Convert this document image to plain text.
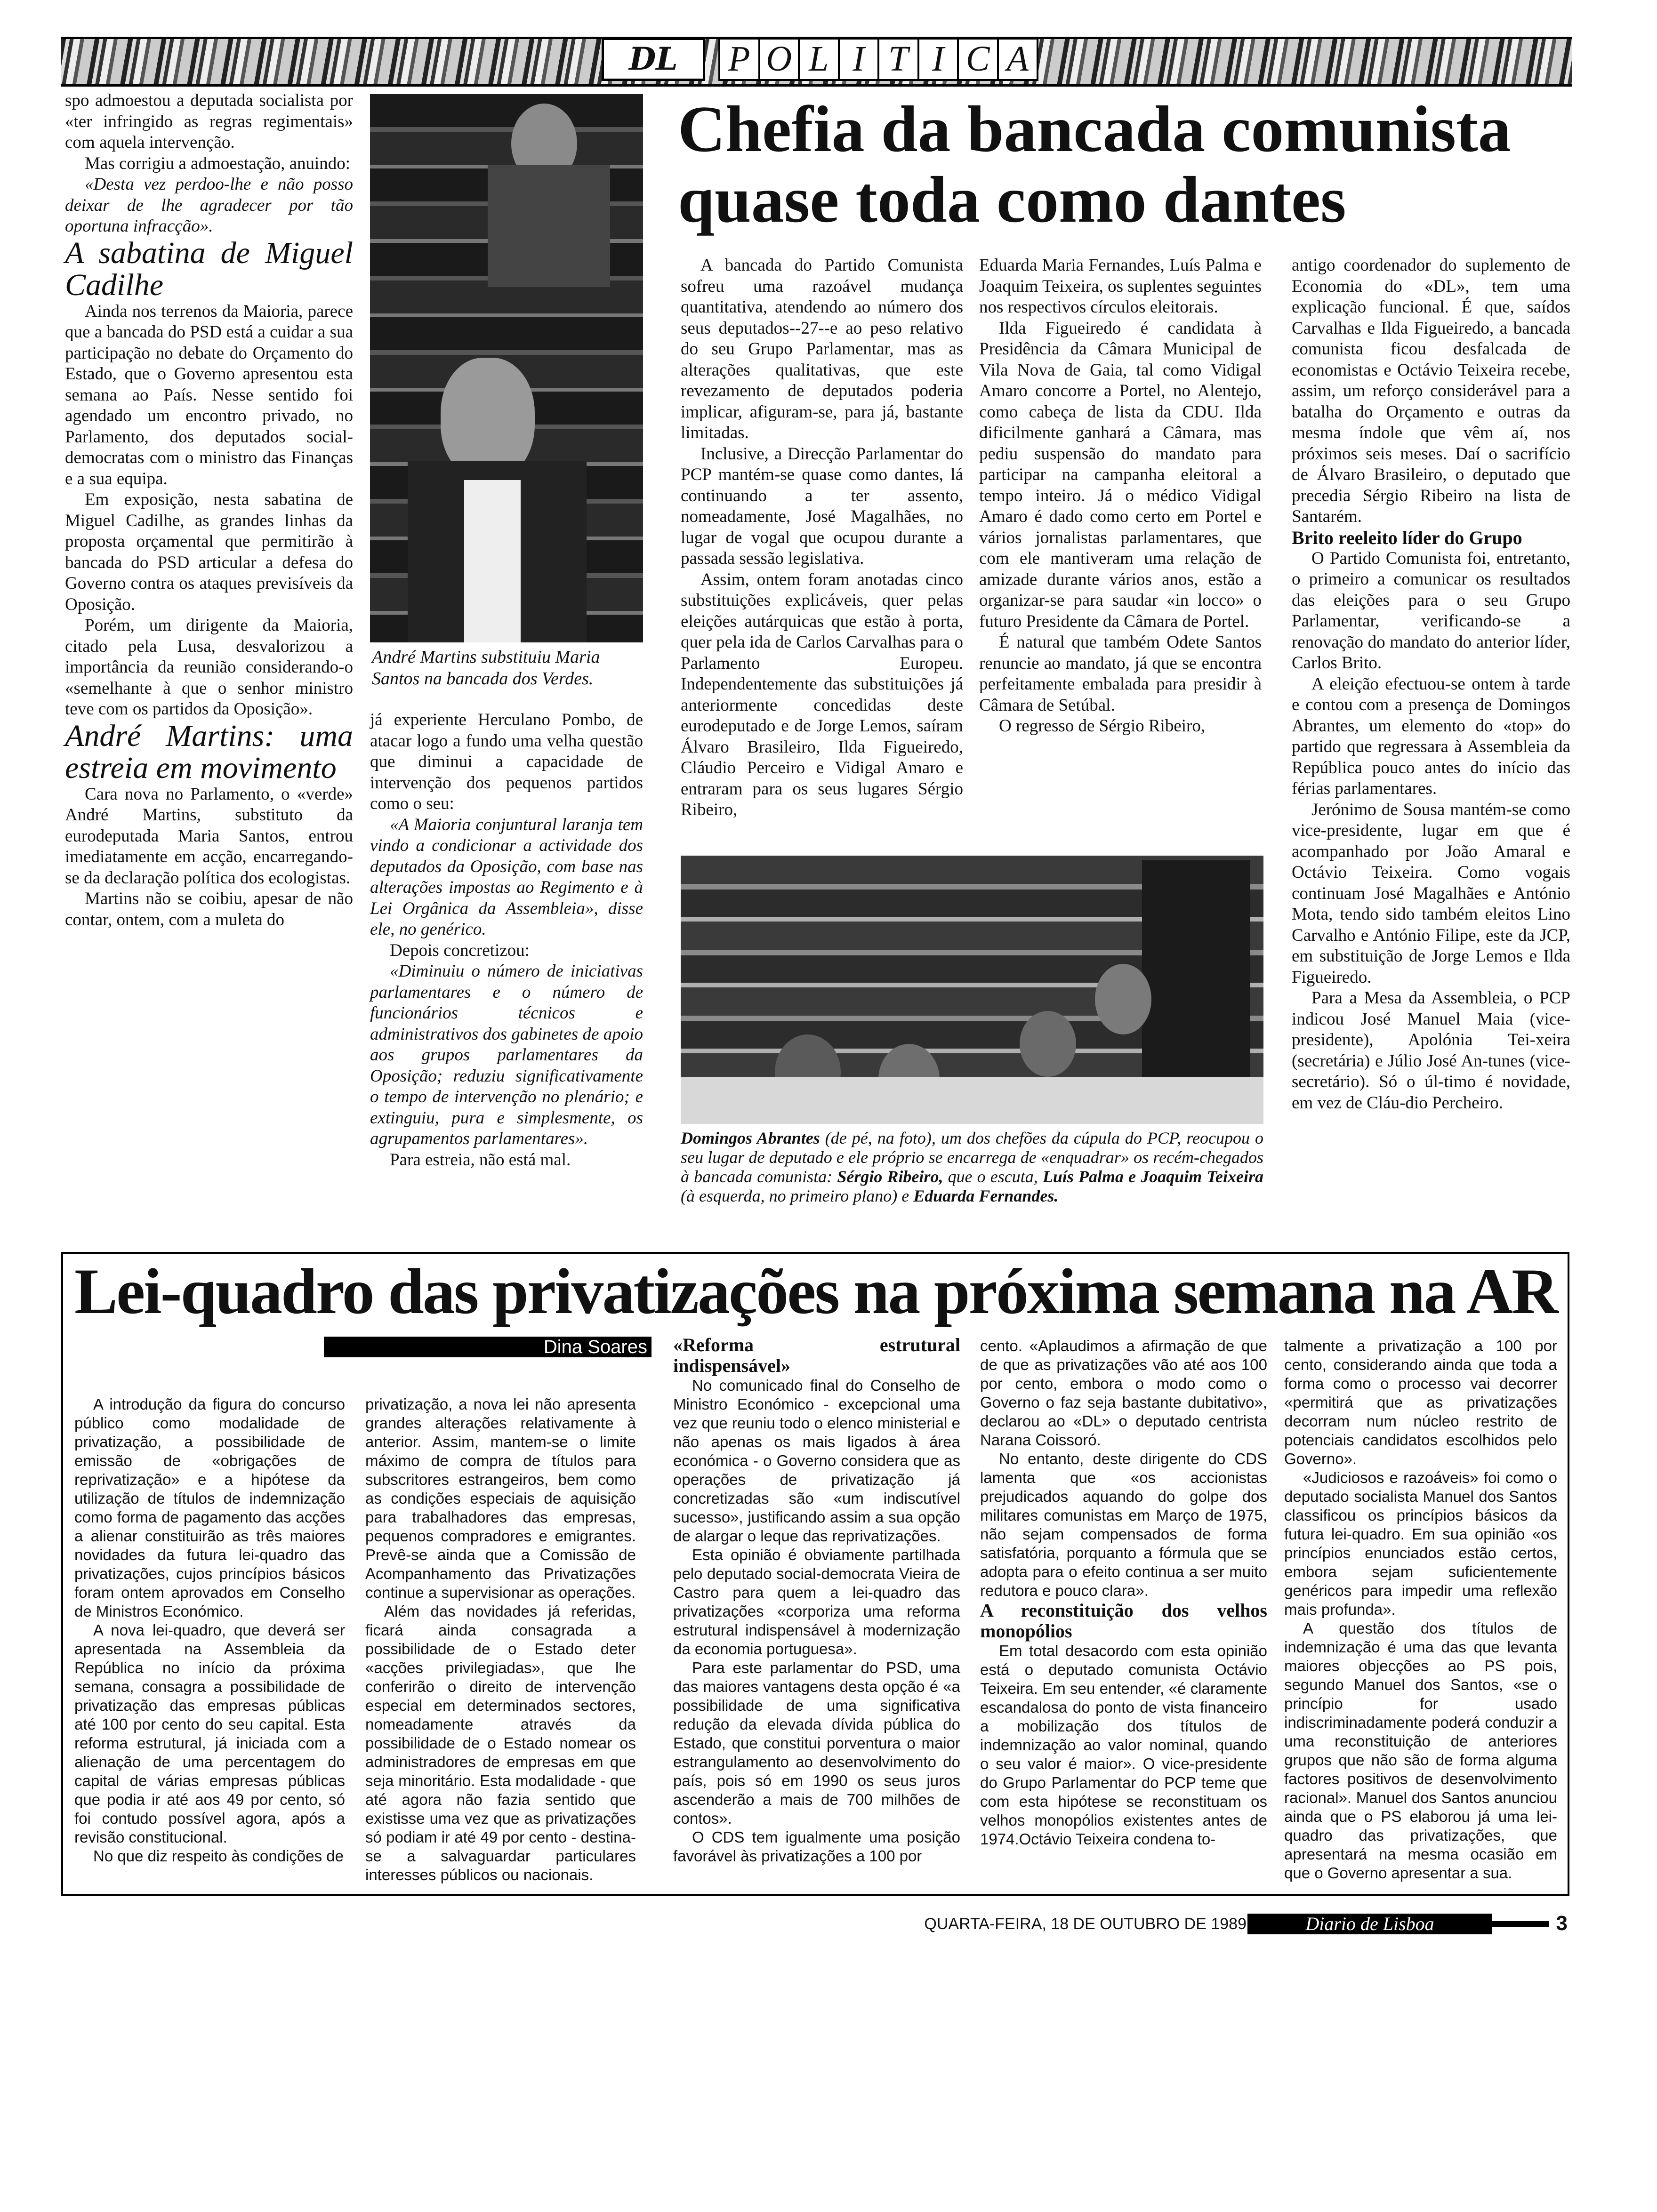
DL	P O L I T I C A

spo admoestou a deputada socialista por «ter infringido as regras regimentais» com aquela intervenção.

Mas corrigiu a admoestação, anuindo:

«Desta vez perdoo-lhe e não posso deixar de lhe agradecer por tão oportuna infracção».

A sabatina de Miguel Cadilhe

Ainda nos terrenos da Maioria, parece que a bancada do PSD está a cuidar a sua participação no debate do Orçamento do Estado, que o Governo apresentou esta semana ao País. Nesse sentido foi agendado um encontro privado, no Parlamento, dos deputados social-democratas com o ministro das Finanças e a sua equipa.

Em exposição, nesta sabatina de Miguel Cadilhe, as grandes linhas da proposta orçamental que permitirão à bancada do PSD articular a defesa do Governo contra os ataques previsíveis da Oposição.

Porém, um dirigente da Maioria, citado pela Lusa, desvalorizou a importância da reunião considerando-o «semelhante à que o senhor ministro teve com os partidos da Oposição».

André Martins: uma estreia em movimento

Cara nova no Parlamento, o «verde» André Martins, substituto da eurodeputada Maria Santos, entrou imediatamente em acção, encarregando-se da declaração política dos ecologistas.

Martins não se coibiu, apesar de não contar, ontem, com a muleta do

André Martins substituiu Maria Santos na bancada dos Verdes.

já experiente Herculano Pombo, de atacar logo a fundo uma velha questão que diminui a capacidade de intervenção dos pequenos partidos como o seu:

«A Maioria conjuntural laranja tem vindo a condicionar a actividade dos deputados da Oposição, com base nas alterações impostas ao Regimento e à Lei Orgânica da Assembleia», disse ele, no genérico.

Depois concretizou:

«Diminuiu o número de iniciativas parlamentares e o número de funcionários técnicos e administrativos dos gabinetes de apoio aos grupos parlamentares da Oposição; reduziu significativamente o tempo de intervenção no plenário; e extinguiu, pura e simplesmente, os agrupamentos parlamentares».

Para estreia, não está mal.

Chefia da bancada comunista
quase toda como dantes

A bancada do Partido Comunista sofreu uma razoável mudança quantitativa, atendendo ao número dos seus deputados--27--e ao peso relativo do seu Grupo Parlamentar, mas as alterações qualitativas, que este revezamento de deputados poderia implicar, afiguram-se, para já, bastante limitadas.

Inclusive, a Direcção Parlamentar do PCP mantém-se quase como dantes, lá continuando a ter assento, nomeadamente, José Magalhães, no lugar de vogal que ocupou durante a passada sessão legislativa.

Assim, ontem foram anotadas cinco substituições explicáveis, quer pelas eleições autárquicas que estão à porta, quer pela ida de Carlos Carvalhas para o Parlamento Europeu. Independentemente das substituições já anteriormente concedidas deste eurodeputado e de Jorge Lemos, saíram Álvaro Brasileiro, Ilda Figueiredo, Cláudio Perceiro e Vidigal Amaro e entraram para os seus lugares Sérgio Ribeiro,

Eduarda Maria Fernandes, Luís Palma e Joaquim Teixeira, os suplentes seguintes nos respectivos círculos eleitorais.

Ilda Figueiredo é candidata à Presidência da Câmara Municipal de Vila Nova de Gaia, tal como Vidigal Amaro concorre a Portel, no Alentejo, como cabeça de lista da CDU. Ilda dificilmente ganhará a Câmara, mas pediu suspensão do mandato para participar na campanha eleitoral a tempo inteiro. Já o médico Vidigal Amaro é dado como certo em Portel e vários jornalistas parlamentares, que com ele mantiveram uma relação de amizade durante vários anos, estão a organizar-se para saudar «in locco» o futuro Presidente da Câmara de Portel.

É natural que também Odete Santos renuncie ao mandato, já que se encontra perfeitamente embalada para presidir à Câmara de Setúbal.

O regresso de Sérgio Ribeiro,

antigo coordenador do suplemento de Economia do «DL», tem uma explicação funcional. É que, saídos Carvalhas e Ilda Figueiredo, a bancada comunista ficou desfalcada de economistas e Octávio Teixeira recebe, assim, um reforço considerável para a batalha do Orçamento e outras da mesma índole que vêm aí, nos próximos seis meses. Daí o sacrifício de Álvaro Brasileiro, o deputado que precedia Sérgio Ribeiro na lista de Santarém.

Brito reeleito líder do Grupo

O Partido Comunista foi, entretanto, o primeiro a comunicar os resultados das eleições para o seu Grupo Parlamentar, verificando-se a renovação do mandato do anterior líder, Carlos Brito.

A eleição efectuou-se ontem à tarde e contou com a presença de Domingos Abrantes, um elemento do «top» do partido que regressara à Assembleia da República pouco antes do início das férias parlamentares.

Jerónimo de Sousa mantém-se como vice-presidente, lugar em que é acompanhado por João Amaral e Octávio Teixeira. Como vogais continuam José Magalhães e António Mota, tendo sido também eleitos Lino Carvalho e António Filipe, este da JCP, em substituição de Jorge Lemos e Ilda Figueiredo.

Para a Mesa da Assembleia, o PCP indicou José Manuel Maia (vice-presidente), Apolónia Tei-xeira (secretária) e Júlio José An-tunes (vice-secretário). Só o úl-timo é novidade, em vez de Cláu-dio Percheiro.

Domingos Abrantes (de pé, na foto), um dos chefões da cúpula do PCP, reocupou o seu lugar de deputado e ele próprio se encarrega de «enquadrar» os recém-chegados à bancada comunista: Sérgio Ribeiro, que o escuta, Luís Palma e Joaquim Teixeira (à esquerda, no primeiro plano) e Eduarda Fernandes.
Lei-quadro das privatizações na próxima semana na AR
Dina Soares

A introdução da figura do concurso público como modalidade de privatização, a possibilidade de emissão de «obrigações de reprivatização» e a hipótese da utilização de títulos de indemnização como forma de pagamento das acções a alienar constituirão as três maiores novidades da futura lei-quadro das privatizações, cujos princípios básicos foram ontem aprovados em Conselho de Ministros Económico.

A nova lei-quadro, que deverá ser apresentada na Assembleia da República no início da próxima semana, consagra a possibilidade de privatização das empresas públicas até 100 por cento do seu capital. Esta reforma estrutural, já iniciada com a alienação de uma percentagem do capital de várias empresas públicas que podia ir até aos 49 por cento, só foi contudo possível agora, após a revisão constitucional.

No que diz respeito às condições de

privatização, a nova lei não apresenta grandes alterações relativamente à anterior. Assim, mantem-se o limite máximo de compra de títulos para subscritores estrangeiros, bem como as condições especiais de aquisição para trabalhadores das empresas, pequenos compradores e emigrantes. Prevê-se ainda que a Comissão de Acompanhamento das Privatizações continue a supervisionar as operações.

Além das novidades já referidas, ficará ainda consagrada a possibilidade de o Estado deter «acções privilegiadas», que lhe conferirão o direito de intervenção especial em determinados sectores, nomeadamente através da possibilidade de o Estado nomear os administradores de empresas em que seja minoritário. Esta modalidade - que até agora não fazia sentido que existisse uma vez que as privatizações só podiam ir até 49 por cento - destina-se a salvaguardar particulares interesses públicos ou nacionais.

«Reforma estrutural indispensável»

No comunicado final do Conselho de Ministro Económico - excepcional uma vez que reuniu todo o elenco ministerial e não apenas os mais ligados à área económica - o Governo considera que as operações de privatização já concretizadas são «um indiscutível sucesso», justificando assim a sua opção de alargar o leque das reprivatizações.

Esta opinião é obviamente partilhada pelo deputado social-democrata Vieira de Castro para quem a lei-quadro das privatizações «corporiza uma reforma estrutural indispensável à modernização da economia portuguesa».

Para este parlamentar do PSD, uma das maiores vantagens desta opção é «a possibilidade de uma significativa redução da elevada dívida pública do Estado, que constitui porventura o maior estrangulamento ao desenvolvimento do país, pois só em 1990 os seus juros ascenderão a mais de 700 milhões de contos».

O CDS tem igualmente uma posição favorável às privatizações a 100 por

cento. «Aplaudimos a afirmação de que de que as privatizações vão até aos 100 por cento, embora o modo como o Governo o faz seja bastante dubitativo», declarou ao «DL» o deputado centrista Narana Coissoró.

No entanto, deste dirigente do CDS lamenta que «os accionistas prejudicados aquando do golpe dos militares comunistas em Março de 1975, não sejam compensados de forma satisfatória, porquanto a fórmula que se adopta para o efeito continua a ser muito redutora e pouco clara».

A reconstituição dos velhos monopólios

Em total desacordo com esta opinião está o deputado comunista Octávio Teixeira. Em seu entender, «é claramente escandalosa do ponto de vista financeiro a mobilização dos títulos de indemnização ao valor nominal, quando o seu valor é maior». O vice-presidente do Grupo Parlamentar do PCP teme que com esta hipótese se reconstituam os velhos monopólios existentes antes de 1974.Octávio Teixeira condena to-

talmente a privatização a 100 por cento, considerando ainda que toda a forma como o processo vai decorrer «permitirá que as privatizações decorram num núcleo restrito de potenciais candidatos escolhidos pelo Governo».

«Judiciosos e razoáveis» foi como o deputado socialista Manuel dos Santos classificou os princípios básicos da futura lei-quadro. Em sua opinião «os princípios enunciados estão certos, embora sejam suficientemente genéricos para impedir uma reflexão mais profunda».

A questão dos títulos de indemnização é uma das que levanta maiores objecções ao PS pois, segundo Manuel dos Santos, «se o princípio for usado indiscriminadamente poderá conduzir a uma reconstituição de anteriores grupos que não são de forma alguma factores positivos de desenvolvimento racional». Manuel dos Santos anunciou ainda que o PS elaborou já uma lei-quadro das privatizações, que apresentará na mesma ocasião em que o Governo apresentar a sua.

QUARTA-FEIRA, 18 DE OUTUBRO DE 1989	Diario de Lisboa	3
